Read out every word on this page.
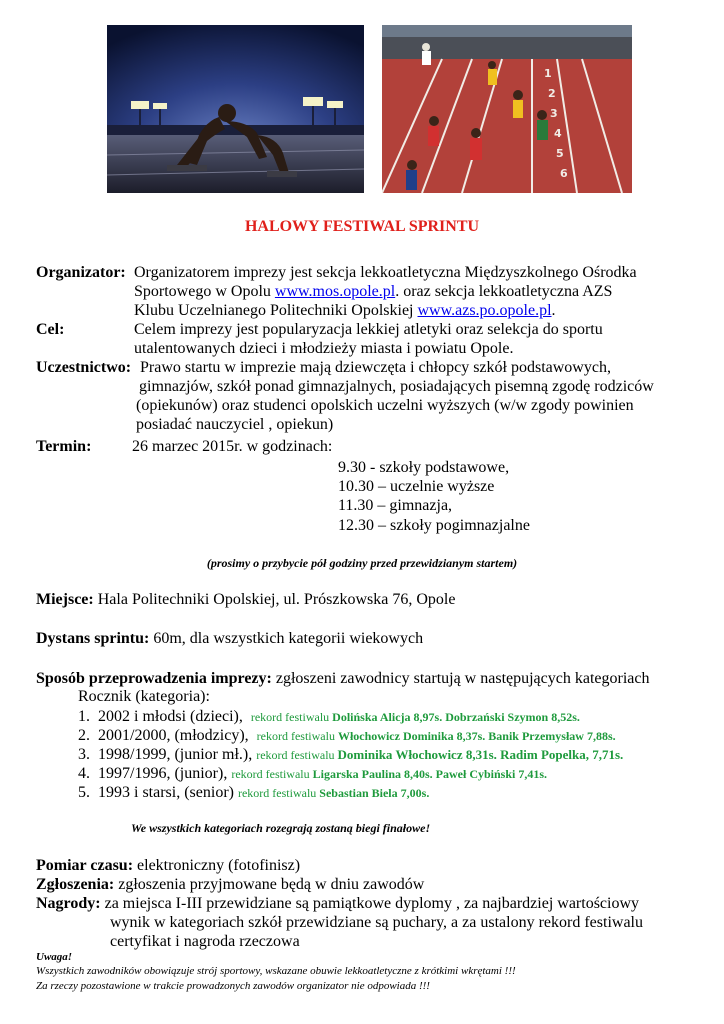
1
2
3
4
5
6
HALOWY FESTIWAL SPRINTU
Organizator: Organizatorem imprezy jest sekcja lekkoatletyczna Międzyszkolnego Ośrodka
Sportowego w Opolu www.mos.opole.pl. oraz sekcja lekkoatletyczna AZS
Klubu Uczelnianego Politechniki Opolskiej www.azs.po.opole.pl.
Cel:	Celem imprezy jest popularyzacja lekkiej atletyki oraz selekcja do sportu
utalentowanych dzieci i młodzieży miasta i powiatu Opole.
Uczestnictwo: Prawo startu w imprezie mają dziewczęta i chłopcy szkół podstawowych,
gimnazjów, szkół ponad gimnazjalnych, posiadających pisemną zgodę rodziców
(opiekunów) oraz studenci opolskich uczelni wyższych (w/w zgody powinien
posiadać nauczyciel , opiekun)
Termin:	26 marzec 2015r. w godzinach:
9.30 - szkoły podstawowe,
10.30 – uczelnie wyższe
11.30 – gimnazja,
12.30 – szkoły pogimnazjalne
(prosimy o przybycie pół godziny przed przewidzianym startem)
Miejsce: Hala Politechniki Opolskiej, ul. Prószkowska 76, Opole
Dystans sprintu: 60m, dla wszystkich kategorii wiekowych
Sposób przeprowadzenia imprezy: zgłoszeni zawodnicy startują w następujących kategoriach
Rocznik (kategoria):
1. 2002 i młodsi (dzieci), rekord festiwalu Dolińska Alicja 8,97s. Dobrzański Szymon 8,52s.
2. 2001/2000, (młodzicy), rekord festiwalu Włochowicz Dominika 8,37s. Banik Przemysław 7,88s.
3. 1998/1999, (junior mł.), rekord festiwalu Dominika Włochowicz 8,31s. Radim Popelka, 7,71s.
4. 1997/1996, (junior), rekord festiwalu Ligarska Paulina 8,40s. Paweł Cybiński 7,41s.
5. 1993 i starsi, (senior) rekord festiwalu Sebastian Biela 7,00s.
We wszystkich kategoriach rozegrają zostaną biegi finałowe!
Pomiar czasu: elektroniczny (fotofinisz)
Zgłoszenia: zgłoszenia przyjmowane będą w dniu zawodów
Nagrody: za miejsca I-III przewidziane są pamiątkowe dyplomy , za najbardziej wartościowy
wynik w kategoriach szkół przewidziane są puchary, a za ustalony rekord festiwalu
certyfikat i nagroda rzeczowa
Uwaga!
Wszystkich zawodników obowiązuje strój sportowy, wskazane obuwie lekkoatletyczne z krótkimi wkrętami !!!
Za rzeczy pozostawione w trakcie prowadzonych zawodów organizator nie odpowiada !!!
